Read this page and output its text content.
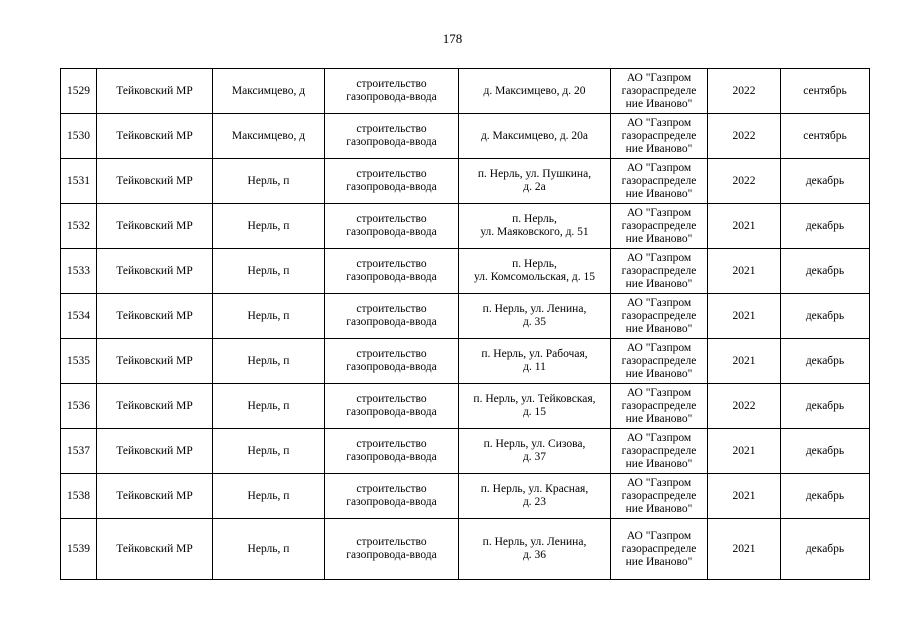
178
1529	Тейковский МР	Максимцево, д	строительство
газопровода-ввода	д. Максимцево, д. 20	АО "Газпром
газораспределе
ние Иваново"	2022	сентябрь
1530	Тейковский МР	Максимцево, д	строительство
газопровода-ввода	д. Максимцево, д. 20а	АО "Газпром
газораспределе
ние Иваново"	2022	сентябрь
1531	Тейковский МР	Нерль, п	строительство
газопровода-ввода	п. Нерль, ул. Пушкина,
д. 2а	АО "Газпром
газораспределе
ние Иваново"	2022	декабрь
1532	Тейковский МР	Нерль, п	строительство
газопровода-ввода	п. Нерль,
ул. Маяковского, д. 51	АО "Газпром
газораспределе
ние Иваново"	2021	декабрь
1533	Тейковский МР	Нерль, п	строительство
газопровода-ввода	п. Нерль,
ул. Комсомольская, д. 15	АО "Газпром
газораспределе
ние Иваново"	2021	декабрь
1534	Тейковский МР	Нерль, п	строительство
газопровода-ввода	п. Нерль, ул. Ленина,
д. 35	АО "Газпром
газораспределе
ние Иваново"	2021	декабрь
1535	Тейковский МР	Нерль, п	строительство
газопровода-ввода	п. Нерль, ул. Рабочая,
д. 11	АО "Газпром
газораспределе
ние Иваново"	2021	декабрь
1536	Тейковский МР	Нерль, п	строительство
газопровода-ввода	п. Нерль, ул. Тейковская,
д. 15	АО "Газпром
газораспределе
ние Иваново"	2022	декабрь
1537	Тейковский МР	Нерль, п	строительство
газопровода-ввода	п. Нерль, ул. Сизова,
д. 37	АО "Газпром
газораспределе
ние Иваново"	2021	декабрь
1538	Тейковский МР	Нерль, п	строительство
газопровода-ввода	п. Нерль, ул. Красная,
д. 23	АО "Газпром
газораспределе
ние Иваново"	2021	декабрь
1539	Тейковский МР	Нерль, п	строительство
газопровода-ввода	п. Нерль, ул. Ленина,
д. 36	АО "Газпром
газораспределе
ние Иваново"	2021	декабрь
